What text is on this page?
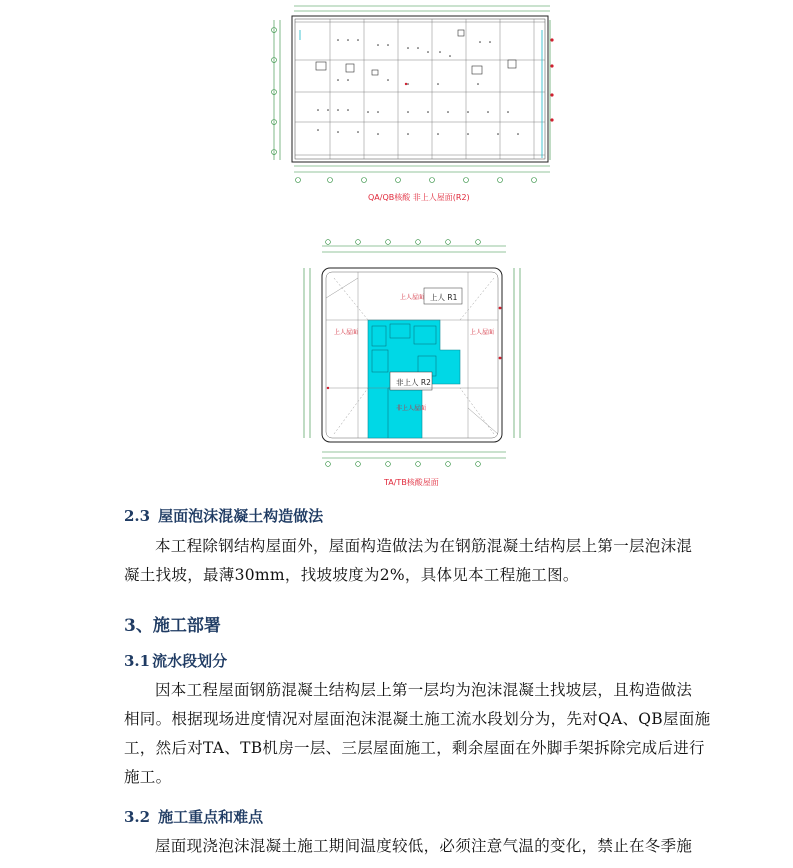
QA/QB核酸 非上人屋面(R2)
上人屋面 上人 R1
上人屋面	上人屋面
非上人 R2
非上人屋面
TA/TB核酸屋面
2.3 屋面泡沫混凝土构造做法
本工程除钢结构屋面外，屋面构造做法为在钢筋混凝土结构层上第一层泡沫混
凝土找坡，最薄30mm，找坡坡度为2%，具体见本工程施工图。
3、施工部署
3.1 流水段划分
因本工程屋面钢筋混凝土结构层上第一层均为泡沫混凝土找坡层，且构造做法
相同。根据现场进度情况对屋面泡沫混凝土施工流水段划分为，先对QA、QB屋面施
工，然后对TA、TB机房一层、三层屋面施工，剩余屋面在外脚手架拆除完成后进行
施工。
3.2 施工重点和难点
屋面现浇泡沫混凝土施工期间温度较低，必须注意气温的变化，禁止在冬季施
